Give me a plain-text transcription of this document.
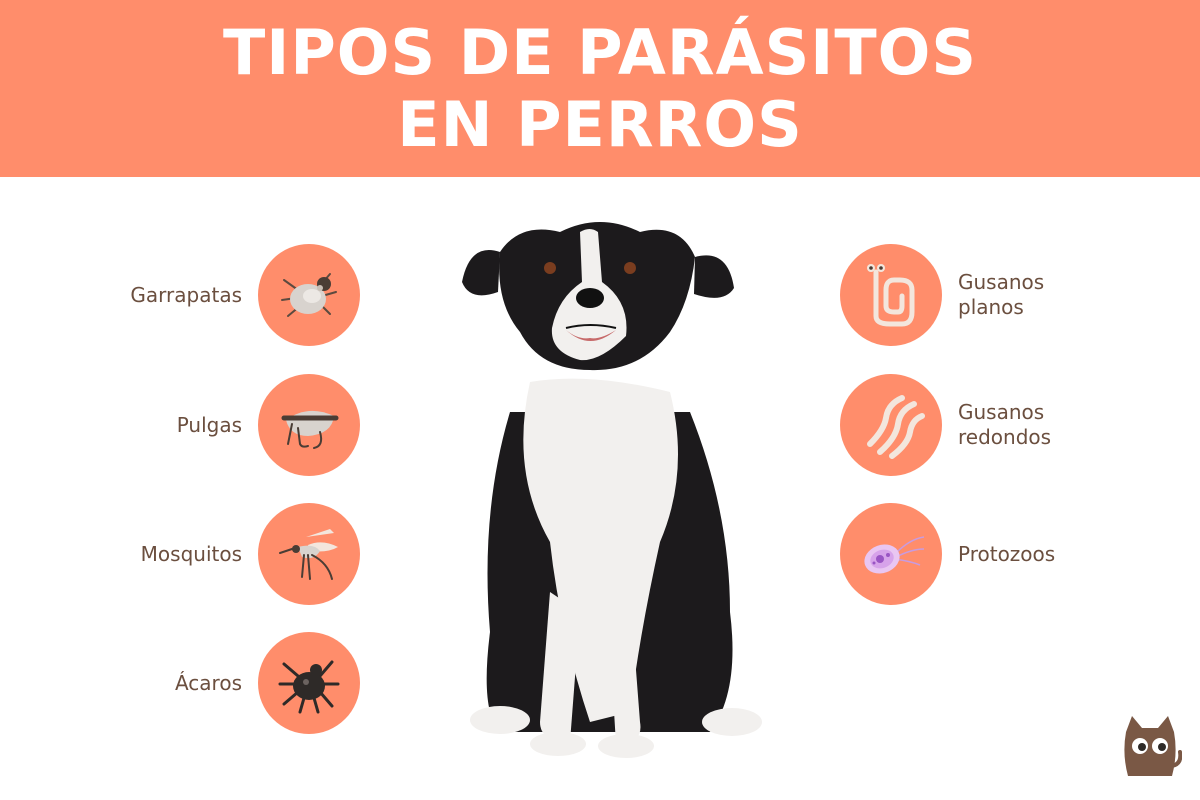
TIPOS DE PARÁSITOS
EN PERROS
Garrapatas
Pulgas
Mosquitos
Ácaros
Gusanos
planos
Gusanos
redondos
Protozoos
